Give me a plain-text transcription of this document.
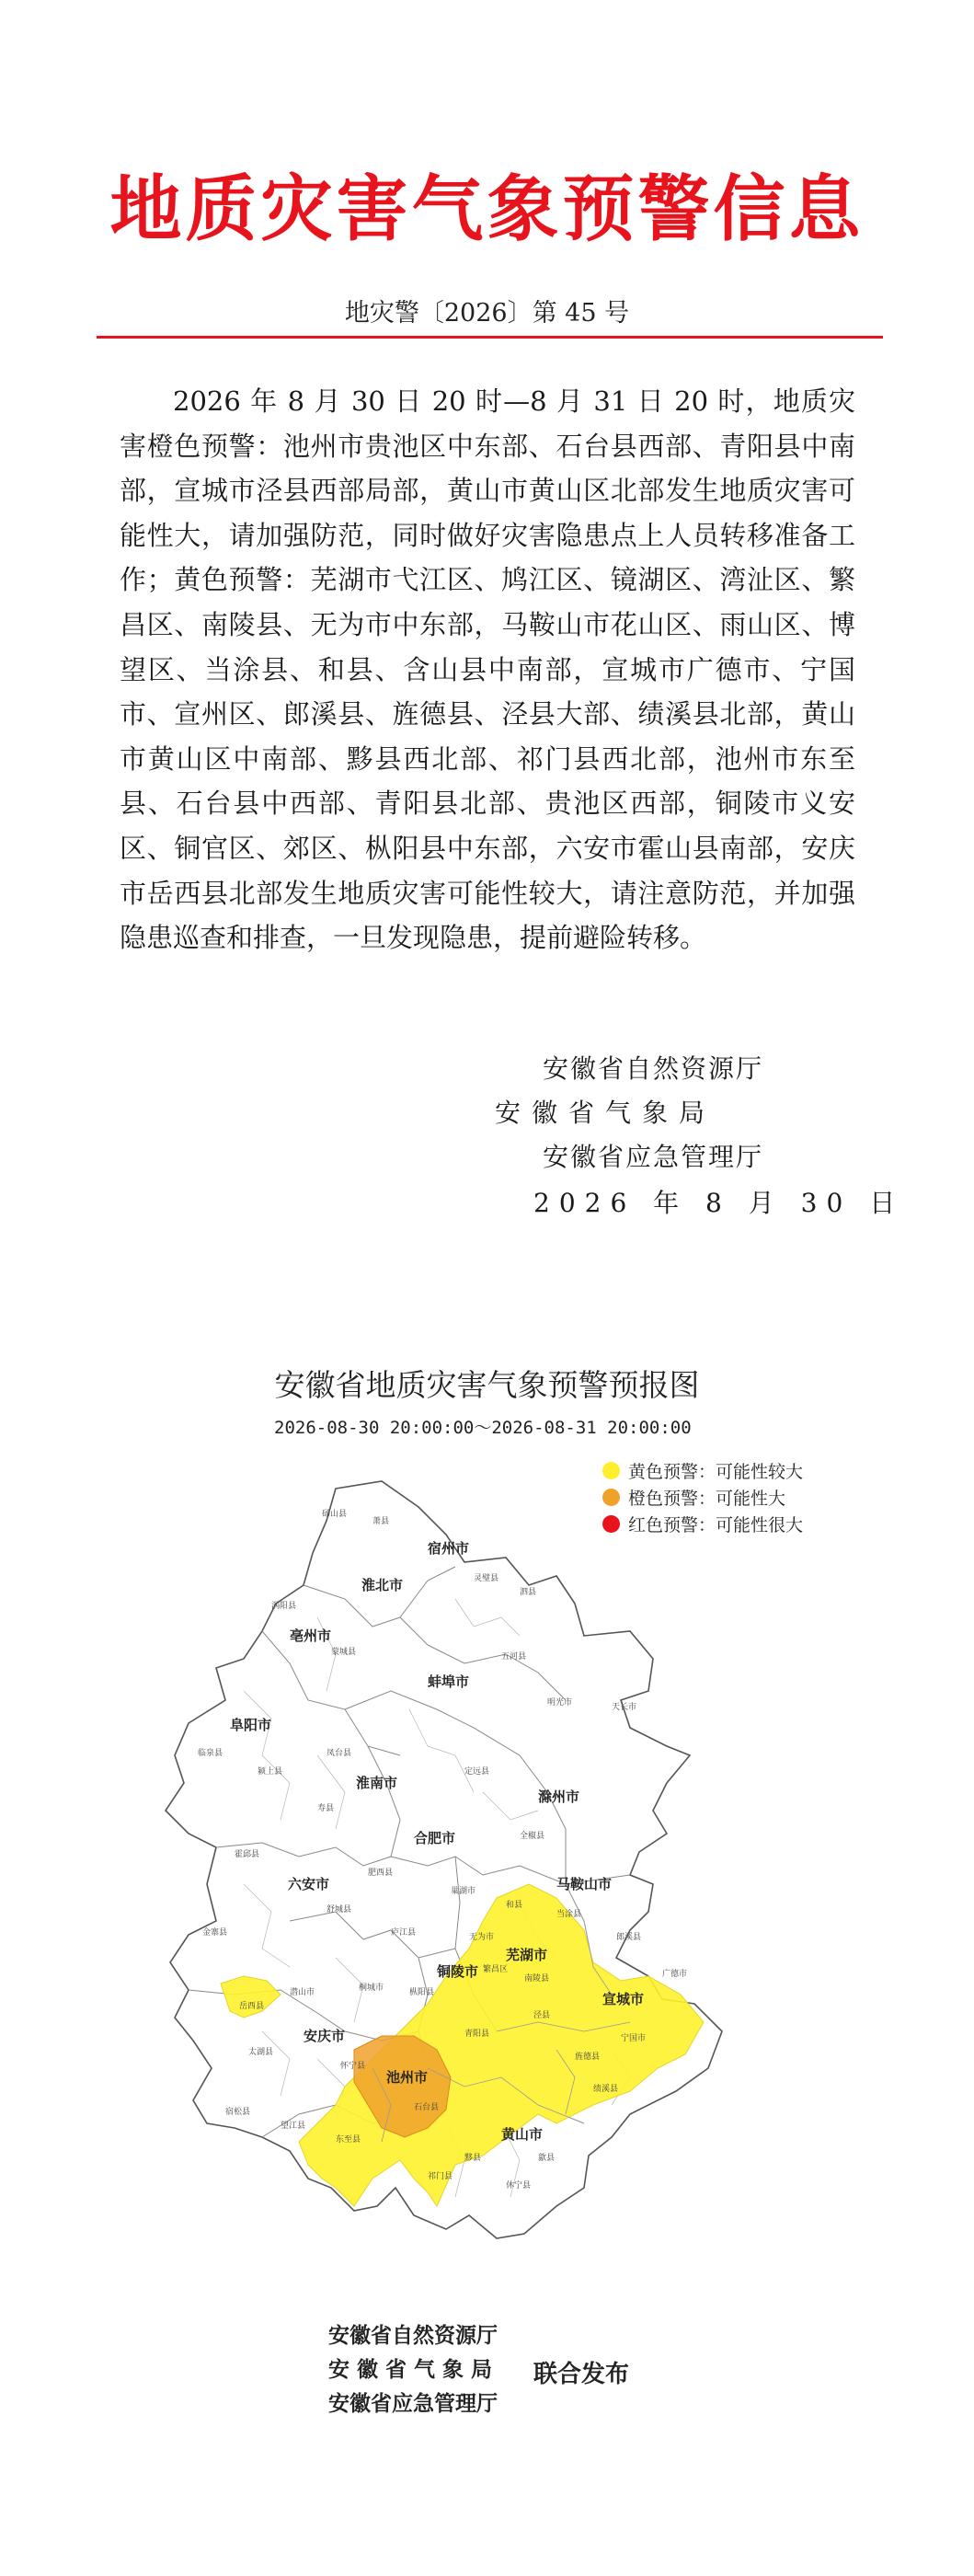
地质灾害气象预警信息
地灾警〔2026〕第 45 号
2026 年 8 月 30 日 20 时—8 月 31 日 20 时，地质灾害橙色预警：池州市贵池区中东部、石台县西部、青阳县中南部，宣城市泾县西部局部，黄山市黄山区北部发生地质灾害可能性大，请加强防范，同时做好灾害隐患点上人员转移准备工作；黄色预警：芜湖市弋江区、鸠江区、镜湖区、湾沚区、繁昌区、南陵县、无为市中东部，马鞍山市花山区、雨山区、博望区、当涂县、和县、含山县中南部，宣城市广德市、宁国市、宣州区、郎溪县、旌德县、泾县大部、绩溪县北部，黄山市黄山区中南部、黟县西北部、祁门县西北部，池州市东至县、石台县中西部、青阳县北部、贵池区西部，铜陵市义安区、铜官区、郊区、枞阳县中东部，六安市霍山县南部，安庆市岳西县北部发生地质灾害可能性较大，请注意防范，并加强隐患巡查和排查，一旦发现隐患，提前避险转移。
安徽省自然资源厅
安徽省气象局
安徽省应急管理厅
2026 年 8 月 30 日
安徽省地质灾害气象预警预报图
2026-08-30 20:00:00～2026-08-31 20:00:00
黄色预警：可能性较大
橙色预警：可能性大
红色预警：可能性很大
宿州市
淮北市
亳州市
蚌埠市
阜阳市
淮南市
滁州市
合肥市
六安市	马鞍山市
芜湖市
铜陵市
宣城市
安庆市
池州市
黄山市
砀山县
萧县
灵璧县
泗县
涡阳县
蒙城县	五河县
临泉县
颍上县
凤台县
寿县
定远县
全椒县
天长市
明光市
霍邱县
金寨县
舒城县
肥西县
庐江县
巢湖市
无为市
和县
当涂县
郎溪县
广德市
宁国市
泾县
旌德县
绩溪县
南陵县
繁昌区
青阳县
石台县
东至县
祁门县
黟县
休宁县
歙县
太湖县
宿松县
望江县
怀宁县
潜山市
岳西县
桐城市	枞阳县
安徽省自然资源厅
安徽省气象局
安徽省应急管理厅
联合发布
